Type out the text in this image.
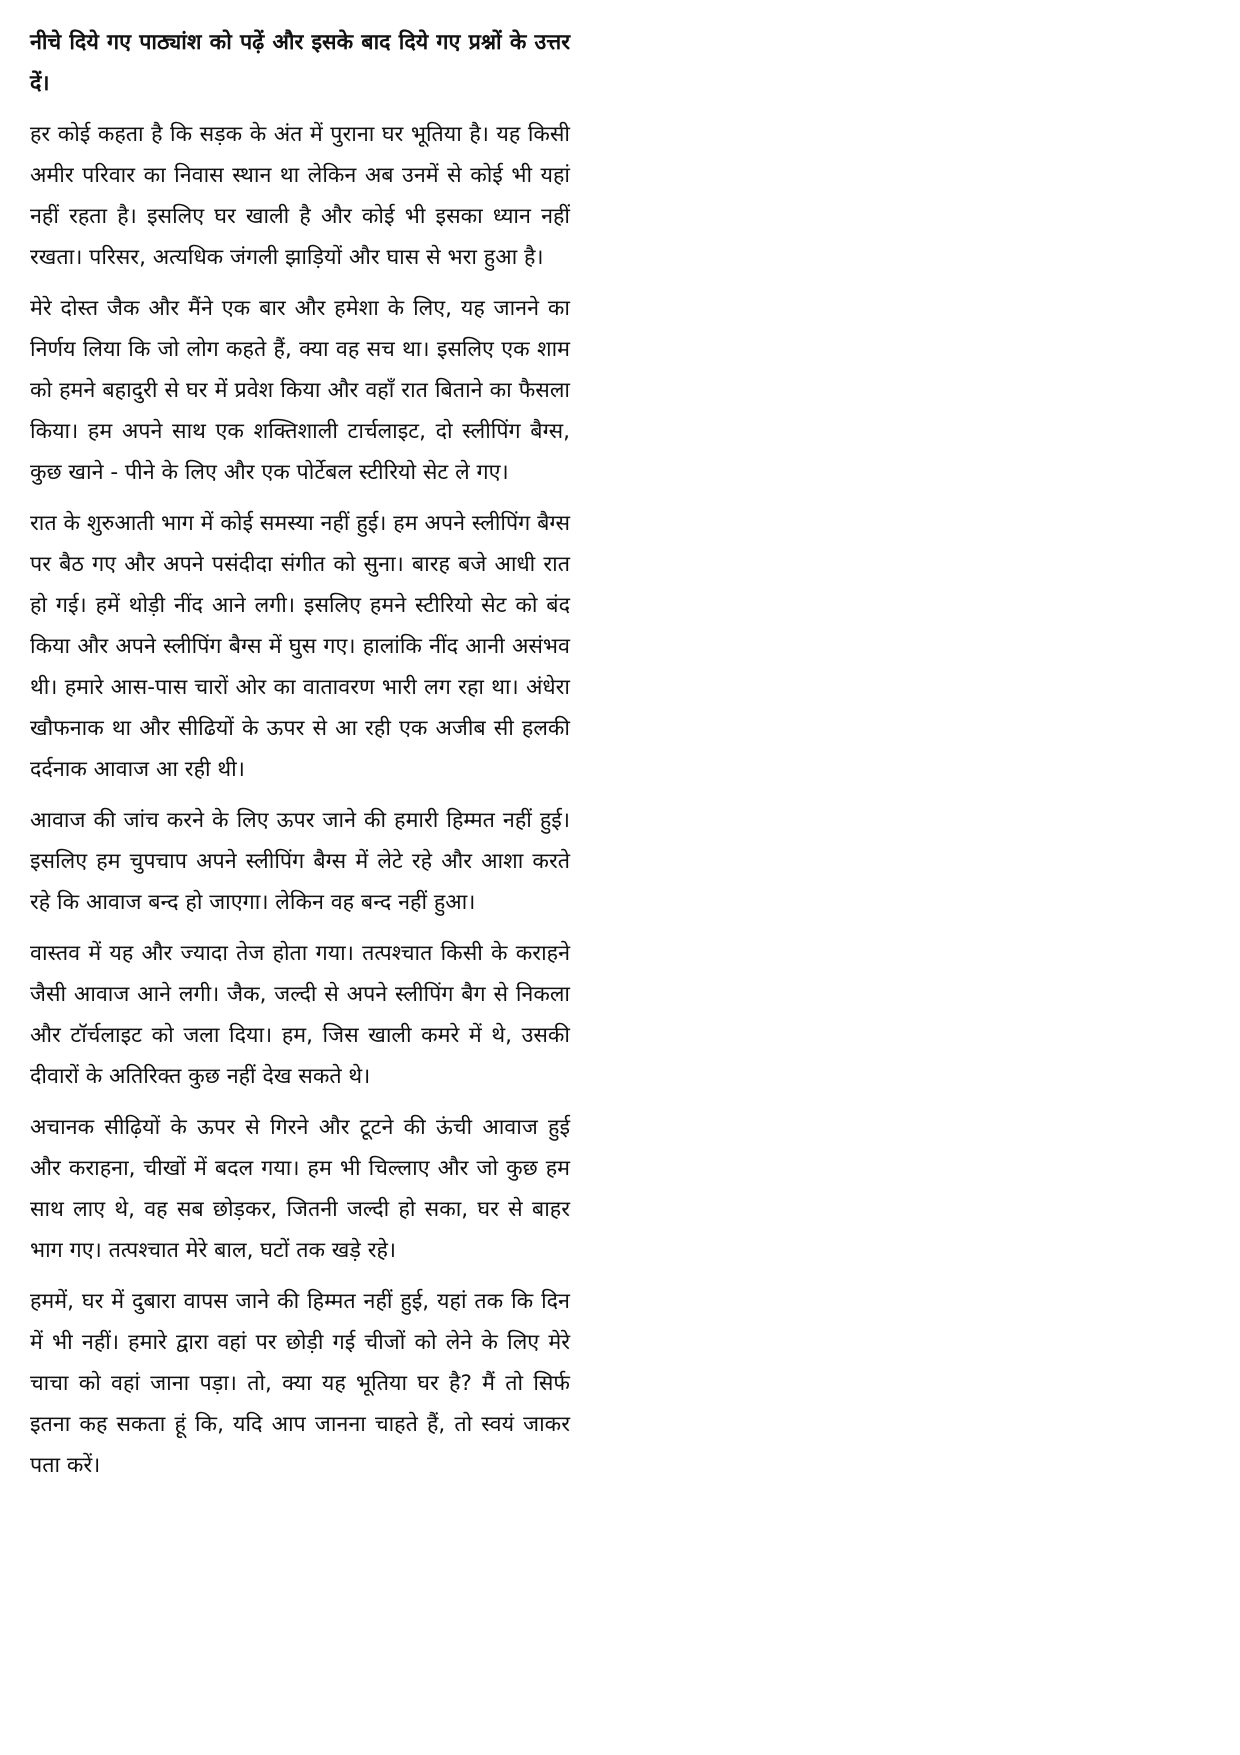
नीचे दिये गए पाठ्यांश को पढ़ें और इसके बाद दिये गए प्रश्नों के उत्तर दें।

हर कोई कहता है कि सड़क के अंत में पुराना घर भूतिया है। यह किसी अमीर परिवार का निवास स्थान था लेकिन अब उनमें से कोई भी यहां नहीं रहता है। इसलिए घर खाली है और कोई भी इसका ध्यान नहीं रखता। परिसर, अत्यधिक जंगली झाड़ियों और घास से भरा हुआ है।

मेरे दोस्त जैक और मैंने एक बार और हमेशा के लिए, यह जानने का निर्णय लिया कि जो लोग कहते हैं, क्या वह सच था। इसलिए एक शाम को हमने बहादुरी से घर में प्रवेश किया और वहाँ रात बिताने का फैसला किया। हम अपने साथ एक शक्तिशाली टार्चलाइट, दो स्लीपिंग बैग्स, कुछ खाने - पीने के लिए और एक पोर्टेबल स्टीरियो सेट ले गए।

रात के शुरुआती भाग में कोई समस्या नहीं हुई। हम अपने स्लीपिंग बैग्स पर बैठ गए और अपने पसंदीदा संगीत को सुना। बारह बजे आधी रात हो गई। हमें थोड़ी नींद आने लगी। इसलिए हमने स्टीरियो सेट को बंद किया और अपने स्लीपिंग बैग्स में घुस गए। हालांकि नींद आनी असंभव थी। हमारे आस-पास चारों ओर का वातावरण भारी लग रहा था। अंधेरा खौफनाक था और सीढियों के ऊपर से आ रही एक अजीब सी हलकी दर्दनाक आवाज आ रही थी।

आवाज की जांच करने के लिए ऊपर जाने की हमारी हिम्मत नहीं हुई। इसलिए हम चुपचाप अपने स्लीपिंग बैग्स में लेटे रहे और आशा करते रहे कि आवाज बन्द हो जाएगा। लेकिन वह बन्द नहीं हुआ।

वास्तव में यह और ज्यादा तेज होता गया। तत्पश्चात किसी के कराहने जैसी आवाज आने लगी। जैक, जल्दी से अपने स्लीपिंग बैग से निकला और टॉर्चलाइट को जला दिया। हम, जिस खाली कमरे में थे, उसकी दीवारों के अतिरिक्त कुछ नहीं देख सकते थे।

अचानक सीढ़ियों के ऊपर से गिरने और टूटने की ऊंची आवाज हुई और कराहना, चीखों में बदल गया। हम भी चिल्लाए और जो कुछ हम साथ लाए थे, वह सब छोड़कर, जितनी जल्दी हो सका, घर से बाहर भाग गए। तत्पश्चात मेरे बाल, घटों तक खड़े रहे।

हममें, घर में दुबारा वापस जाने की हिम्मत नहीं हुई, यहां तक कि दिन में भी नहीं। हमारे द्वारा वहां पर छोड़ी गई चीजों को लेने के लिए मेरे चाचा को वहां जाना पड़ा। तो, क्या यह भूतिया घर है? मैं तो सिर्फ इतना कह सकता हूं कि, यदि आप जानना चाहते हैं, तो स्वयं जाकर पता करें।
